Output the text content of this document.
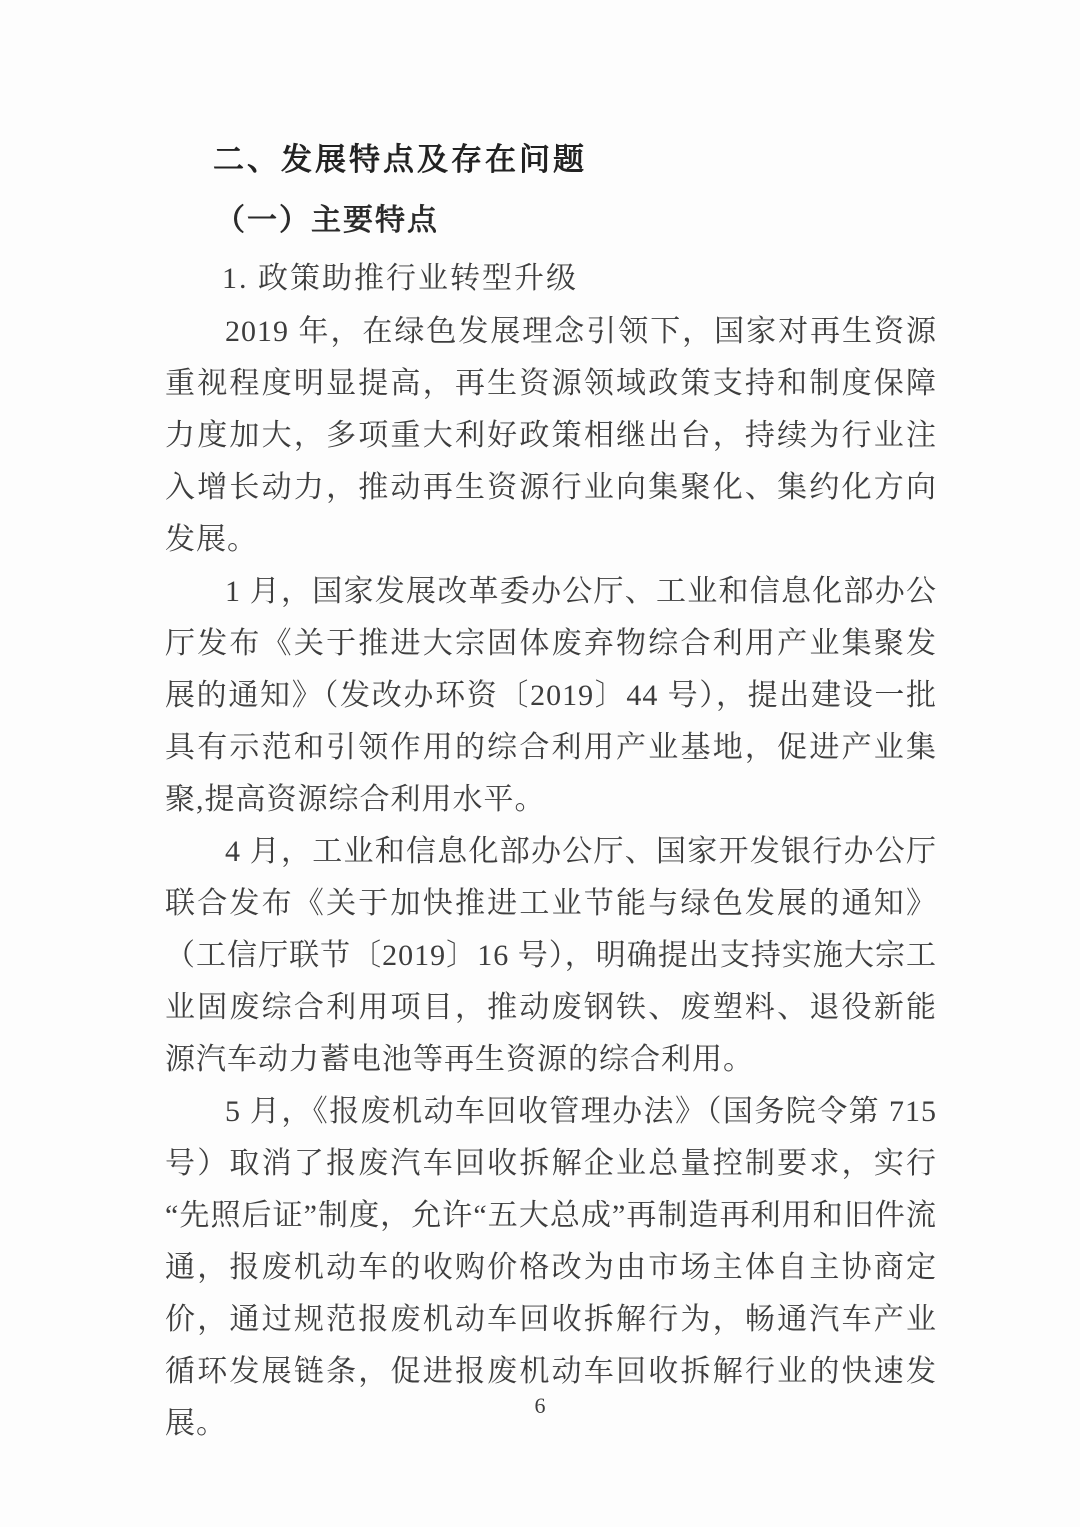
二、发展特点及存在问题
（一）主要特点
1. 政策助推行业转型升级

2019 年，在绿色发展理念引领下，国家对再生资源重视程度明显提高，再生资源领域政策支持和制度保障力度加大，多项重大利好政策相继出台，持续为行业注入增长动力，推动再生资源行业向集聚化、集约化方向发展。

1 月，国家发展改革委办公厅、工业和信息化部办公厅发布《关于推进大宗固体废弃物综合利用产业集聚发展的通知》（发改办环资〔2019〕44 号），提出建设一批具有示范和引领作用的综合利用产业基地，促进产业集聚,提高资源综合利用水平。

4 月，工业和信息化部办公厅、国家开发银行办公厅联合发布《关于加快推进工业节能与绿色发展的通知》（工信厅联节〔2019〕16 号），明确提出支持实施大宗工业固废综合利用项目，推动废钢铁、废塑料、退役新能源汽车动力蓄电池等再生资源的综合利用。

5 月，《报废机动车回收管理办法》（国务院令第 715 号）取消了报废汽车回收拆解企业总量控制要求，实行“先照后证”制度，允许“五大总成”再制造再利用和旧件流通，报废机动车的收购价格改为由市场主体自主协商定价，通过规范报废机动车回收拆解行为，畅通汽车产业循环发展链条，促进报废机动车回收拆解行业的快速发展。

6
